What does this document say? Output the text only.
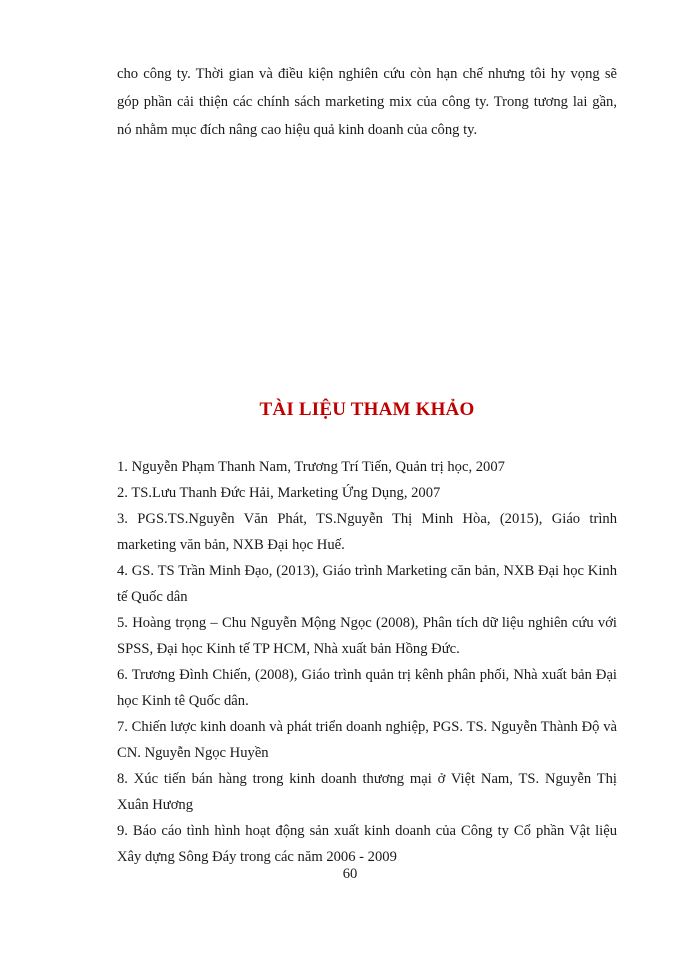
cho công ty. Thời gian và điều kiện nghiên cứu còn hạn chế nhưng tôi hy vọng sẽ góp phần cải thiện các chính sách marketing mix của công ty. Trong tương lai gần, nó nhằm mục đích nâng cao hiệu quả kinh doanh của công ty.

TÀI LIỆU THAM KHẢO
1. Nguyễn Phạm Thanh Nam, Trương Trí Tiến, Quản trị học, 2007
2. TS.Lưu Thanh Đức Hải, Marketing Ứng Dụng, 2007
3. PGS.TS.Nguyễn Văn Phát, TS.Nguyễn Thị Minh Hòa, (2015), Giáo trình marketing văn bản, NXB Đại học Huế.
4. GS. TS Trần Minh Đạo, (2013), Giáo trình Marketing căn bản, NXB Đại học Kinh tế Quốc dân
5. Hoàng trọng – Chu Nguyễn Mộng Ngọc (2008), Phân tích dữ liệu nghiên cứu với SPSS, Đại học Kinh tế TP HCM, Nhà xuất bản Hồng Đức.
6. Trương Đình Chiến, (2008), Giáo trình quản trị kênh phân phối, Nhà xuất bản Đại học Kinh tê Quốc dân.
7. Chiến lược kinh doanh và phát triển doanh nghiệp, PGS. TS. Nguyễn Thành Độ và CN. Nguyễn Ngọc Huyền
8. Xúc tiến bán hàng trong kinh doanh thương mại ở Việt Nam, TS. Nguyễn Thị Xuân Hương
9. Báo cáo tình hình hoạt động sản xuất kinh doanh của Công ty Cổ phần Vật liệu Xây dựng Sông Đáy trong các năm 2006 - 2009

60
